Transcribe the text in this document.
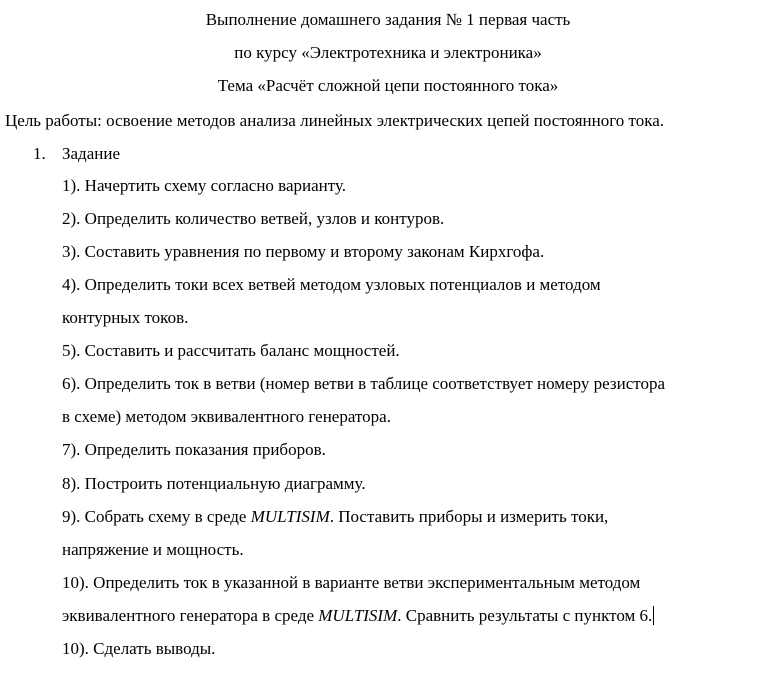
Выполнение домашнего задания № 1 первая часть
по курсу «Электротехника и электроника»
Тема «Расчёт сложной цепи постоянного тока»
Цель работы: освоение методов анализа линейных электрических цепей постоянного тока.
1. Задание
1). Начертить схему согласно варианту.
2). Определить количество ветвей, узлов и контуров.
3). Составить уравнения по первому и второму законам Кирхгофа.
4). Определить токи всех ветвей методом узловых потенциалов и методом
контурных токов.
5). Составить и рассчитать баланс мощностей.
6). Определить ток в ветви (номер ветви в таблице соответствует номеру резистора
в схеме) методом эквивалентного генератора.
7). Определить показания приборов.
8). Построить потенциальную диаграмму.
9). Собрать схему в среде MULTISIM. Поставить приборы и измерить токи,
напряжение и мощность.
10). Определить ток в указанной в варианте ветви экспериментальным методом
эквивалентного генератора в среде MULTISIM. Сравнить результаты с пунктом 6.
10). Сделать выводы.
